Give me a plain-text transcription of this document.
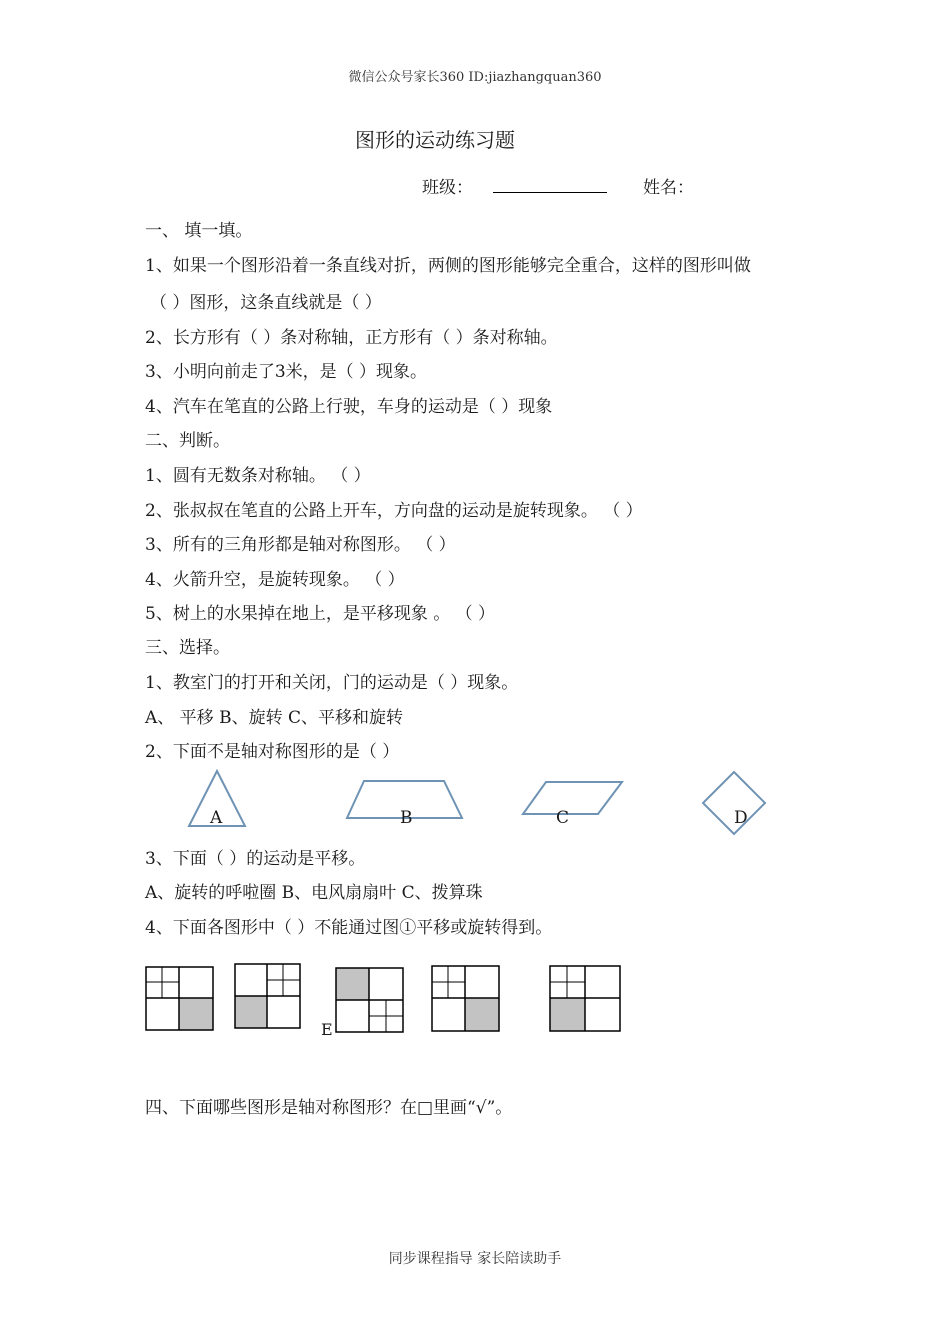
微信公众号家长360 ID:jiazhangquan360
图形的运动练习题
班级：	姓名：
一、 填一填。
1、如果一个图形沿着一条直线对折，两侧的图形能够完全重合，这样的图形叫做
（ ）图形，这条直线就是（ ）
2、长方形有（ ）条对称轴，正方形有（ ）条对称轴。
3、小明向前走了3米，是（ ）现象。
4、汽车在笔直的公路上行驶，车身的运动是（ ）现象
二、判断。
1、圆有无数条对称轴。 （ ）
2、张叔叔在笔直的公路上开车，方向盘的运动是旋转现象。 （ ）
3、所有的三角形都是轴对称图形。 （ ）
4、火箭升空，是旋转现象。 （ ）
5、树上的水果掉在地上，是平移现象 。 （ ）
三、选择。
1、教室门的打开和关闭，门的运动是（ ）现象。
A、 平移 B、旋转 C、平移和旋转
2、下面不是轴对称图形的是（ ）
A	B	C	D
3、下面（ ）的运动是平移。
A、旋转的呼啦圈 B、电风扇扇叶 C、拨算珠
4、下面各图形中（ ）不能通过图①平移或旋转得到。
E
四、下面哪些图形是轴对称图形？在□里画“√”。
同步课程指导 家长陪读助手
